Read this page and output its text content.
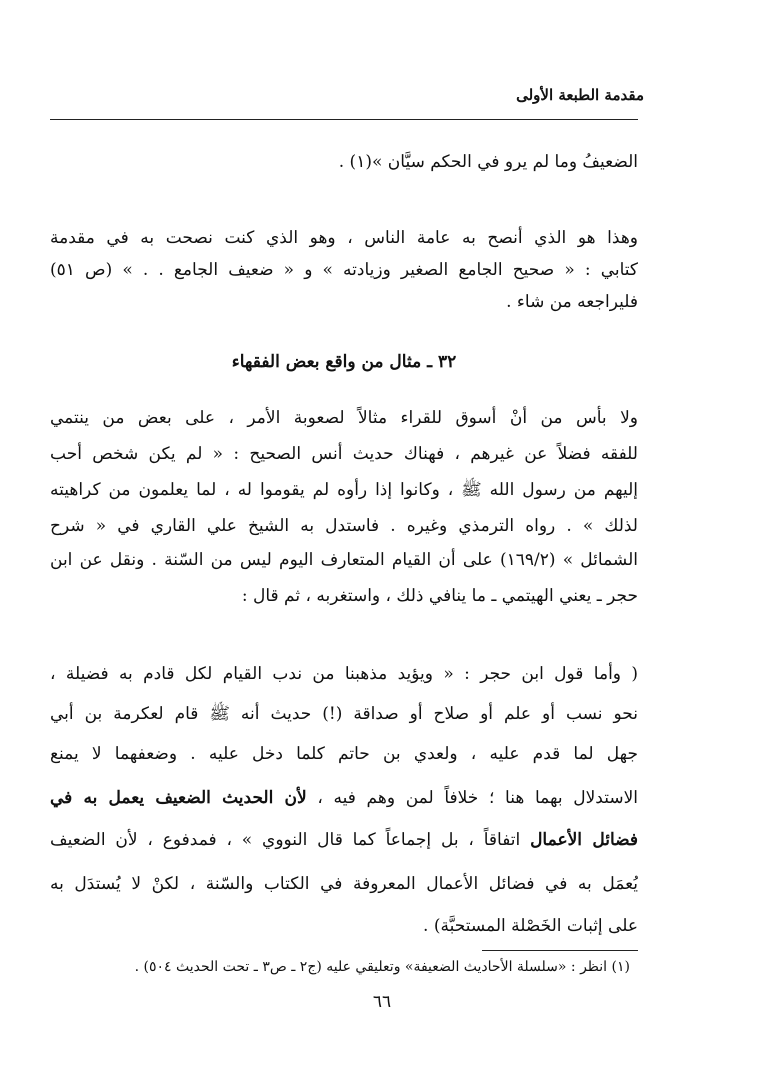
مقدمة الطبعة الأولى
الضعيفُ وما لم يرو في الحكم سيَّان »(١) .
وهذا هو الذي أنصح به عامة الناس ، وهو الذي كنت نصحت به في مقدمة
كتابي : « صحيح الجامع الصغير وزيادته » و « ضعيف الجامع . . » (ص ٥١)
فليراجعه من شاء .
٣٢ ـ مثال من واقع بعض الفقهاء
ولا بأس من أنْ أسوق للقراء مثالاً لصعوبة الأمر ، على بعض من ينتمي
للفقه فضلاً عن غيرهم ، فهناك حديث أنس الصحيح : « لم يكن شخص أحب
إليهم من رسول الله ﷺ ، وكانوا إذا رأوه لم يقوموا له ، لما يعلمون من كراهيته
لذلك » . رواه الترمذي وغيره . فاستدل به الشيخ علي القاري في « شرح
الشمائل » (١٦٩/٢) على أن القيام المتعارف اليوم ليس من السّنة . ونقل عن ابن
حجر ـ يعني الهيتمي ـ ما ينافي ذلك ، واستغربه ، ثم قال :
( وأما قول ابن حجر : « ويؤيد مذهبنا من ندب القيام لكل قادم به فضيلة ،
نحو نسب أو علم أو صلاح أو صداقة (!) حديث أنه ﷺ قام لعكرمة بن أبي
جهل لما قدم عليه ، ولعدي بن حاتم كلما دخل عليه . وضعفهما لا يمنع
الاستدلال بهما هنا ؛ خلافاً لمن وهم فيه ، لأن الحديث الضعيف يعمل به في
فضائل الأعمال اتفاقاً ، بل إجماعاً كما قال النووي » ، فمدفوع ، لأن الضعيف
يُعمَل به في فضائل الأعمال المعروفة في الكتاب والسّنة ، لكنْ لا يُستدَل به
على إثبات الخَصْلة المستحبَّة) .
(١) انظر : «سلسلة الأحاديث الضعيفة» وتعليقي عليه (ج٢ ـ ص٣ ـ تحت الحديث ٥٠٤) .
٦٦
